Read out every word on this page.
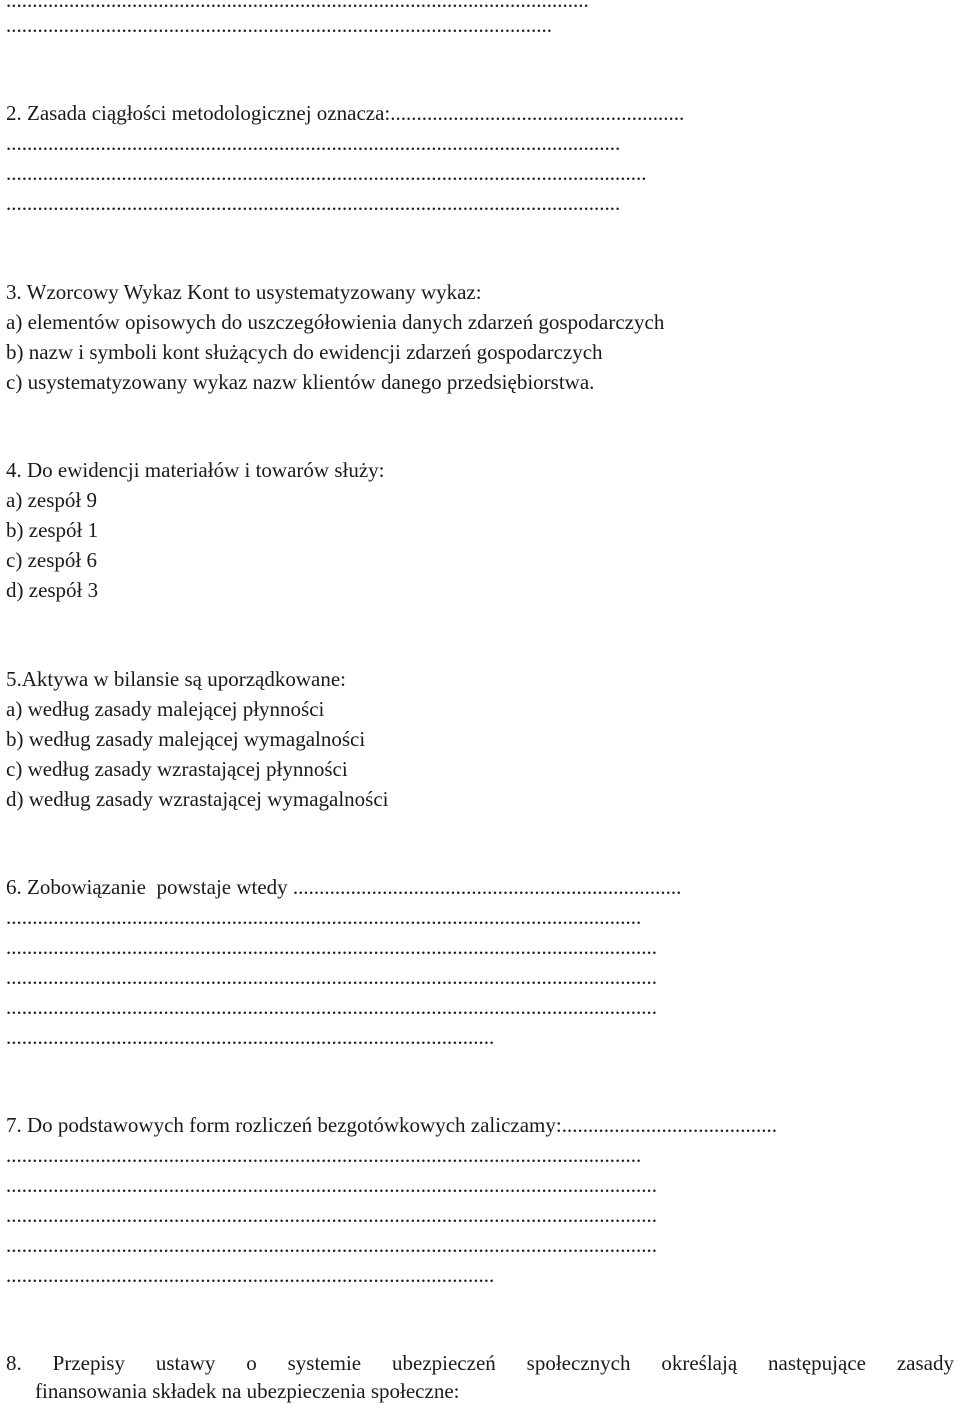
...............................................................................................................
........................................................................................................
2. Zasada ciągłości metodologicznej oznacza:........................................................
.....................................................................................................................
..........................................................................................................................
.....................................................................................................................
3. Wzorcowy Wykaz Kont to usystematyzowany wykaz:
a) elementów opisowych do uszczegółowienia danych zdarzeń gospodarczych
b) nazw i symboli kont służących do ewidencji zdarzeń gospodarczych
c) usystematyzowany wykaz nazw klientów danego przedsiębiorstwa.
4. Do ewidencji materiałów i towarów służy:
a) zespół 9
b) zespół 1
c) zespół 6
d) zespół 3
5.Aktywa w bilansie są uporządkowane:
a) według zasady malejącej płynności
b) według zasady malejącej wymagalności
c) według zasady wzrastającej płynności
d) według zasady wzrastającej wymagalności
6. Zobowiązanie  powstaje wtedy ..........................................................................
.........................................................................................................................
............................................................................................................................
............................................................................................................................
............................................................................................................................
.............................................................................................
7. Do podstawowych form rozliczeń bezgotówkowych zaliczamy:.........................................
.........................................................................................................................
............................................................................................................................
............................................................................................................................
............................................................................................................................
.............................................................................................
8. Przepisy ustawy o systemie ubezpieczeń społecznych określają następujące zasady
finansowania składek na ubezpieczenia społeczne:
